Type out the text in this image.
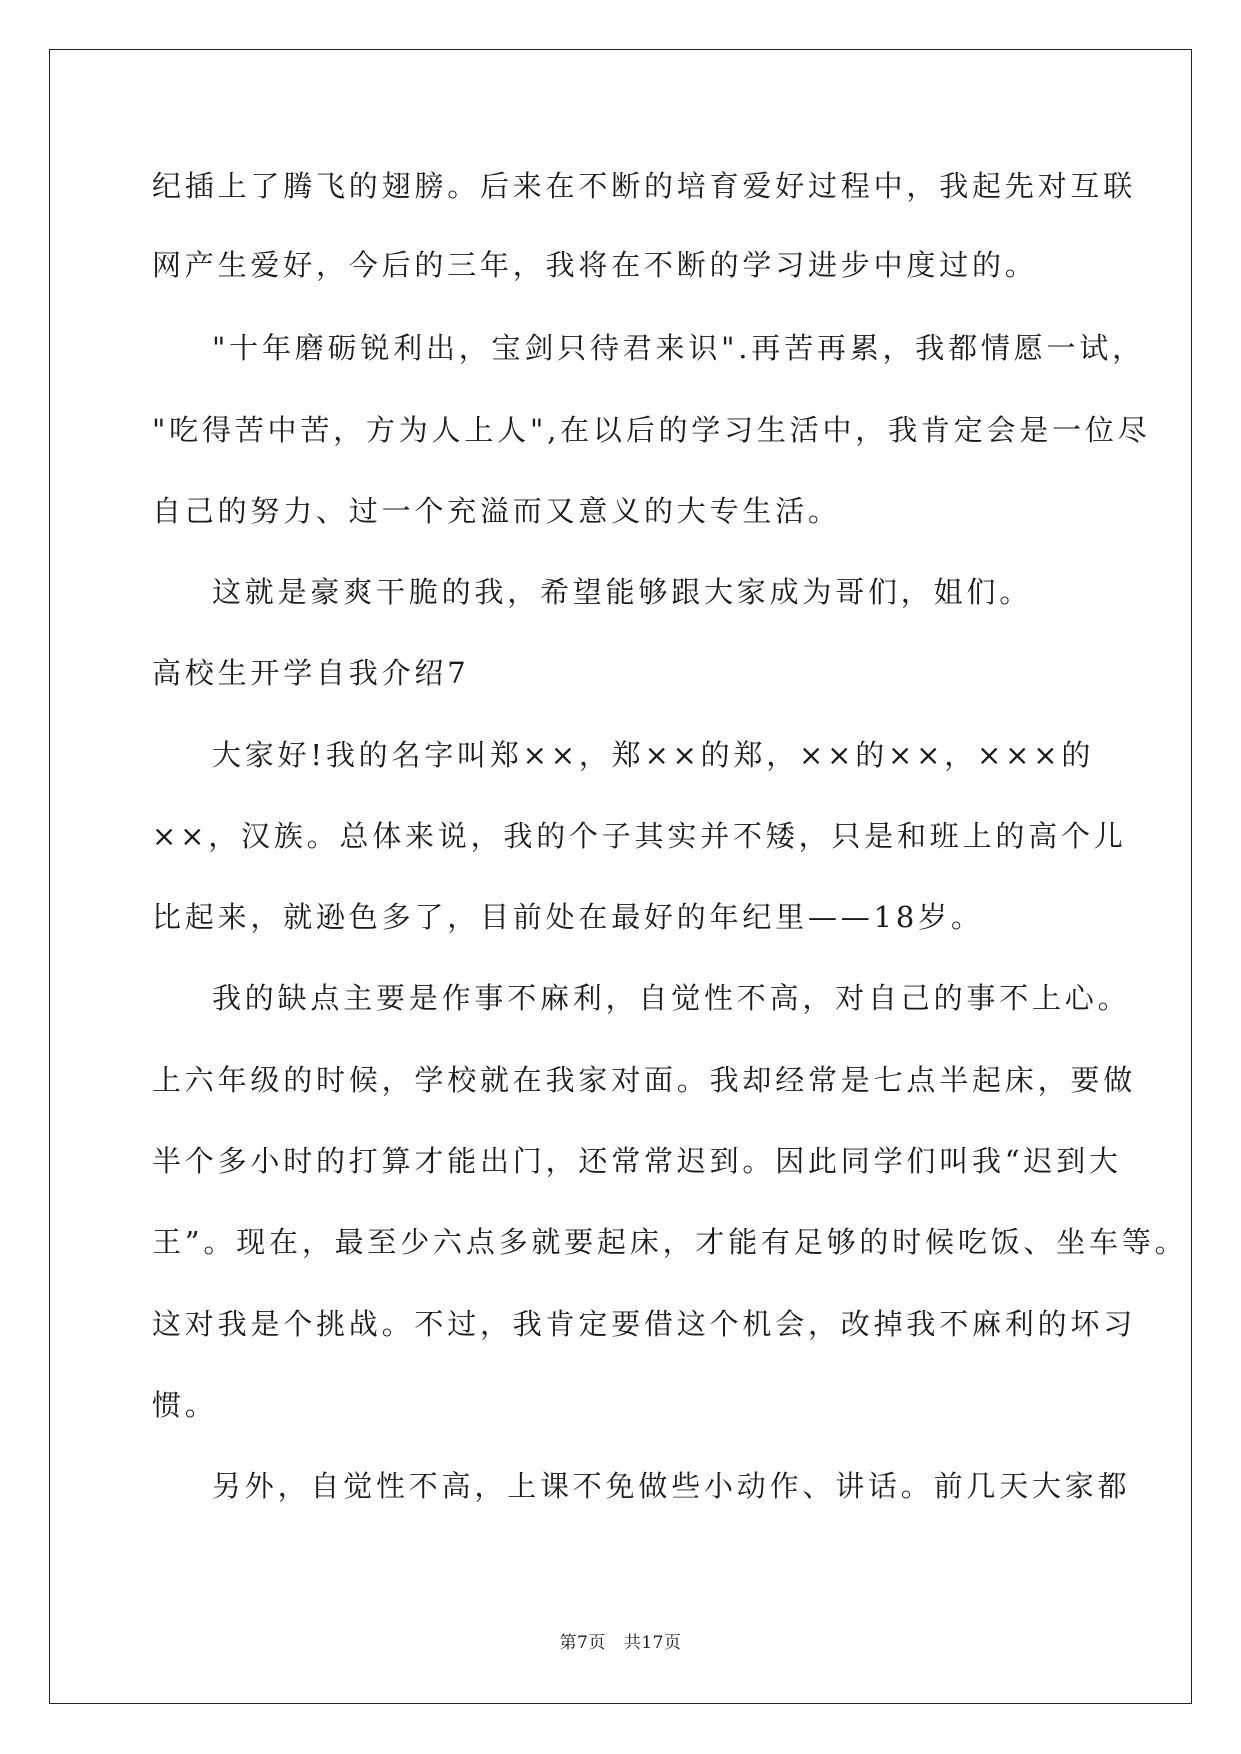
纪插上了腾飞的翅膀。后来在不断的培育爱好过程中，我起先对互联
网产生爱好，今后的三年，我将在不断的学习进步中度过的。
"十年磨砺锐利出，宝剑只待君来识".再苦再累，我都情愿一试，
"吃得苦中苦，方为人上人",在以后的学习生活中，我肯定会是一位尽
自己的努力、过一个充溢而又意义的大专生活。
这就是豪爽干脆的我，希望能够跟大家成为哥们，姐们。
高校生开学自我介绍7
大家好!我的名字叫郑××，郑××的郑，××的××，×××的
××，汉族。总体来说，我的个子其实并不矮，只是和班上的高个儿
比起来，就逊色多了，目前处在最好的年纪里——18岁。
我的缺点主要是作事不麻利，自觉性不高，对自己的事不上心。
上六年级的时候，学校就在我家对面。我却经常是七点半起床，要做
半个多小时的打算才能出门，还常常迟到。因此同学们叫我“迟到大
王”。现在，最至少六点多就要起床，才能有足够的时候吃饭、坐车等。
这对我是个挑战。不过，我肯定要借这个机会，改掉我不麻利的坏习
惯。
另外，自觉性不高，上课不免做些小动作、讲话。前几天大家都
第7页 共17页
